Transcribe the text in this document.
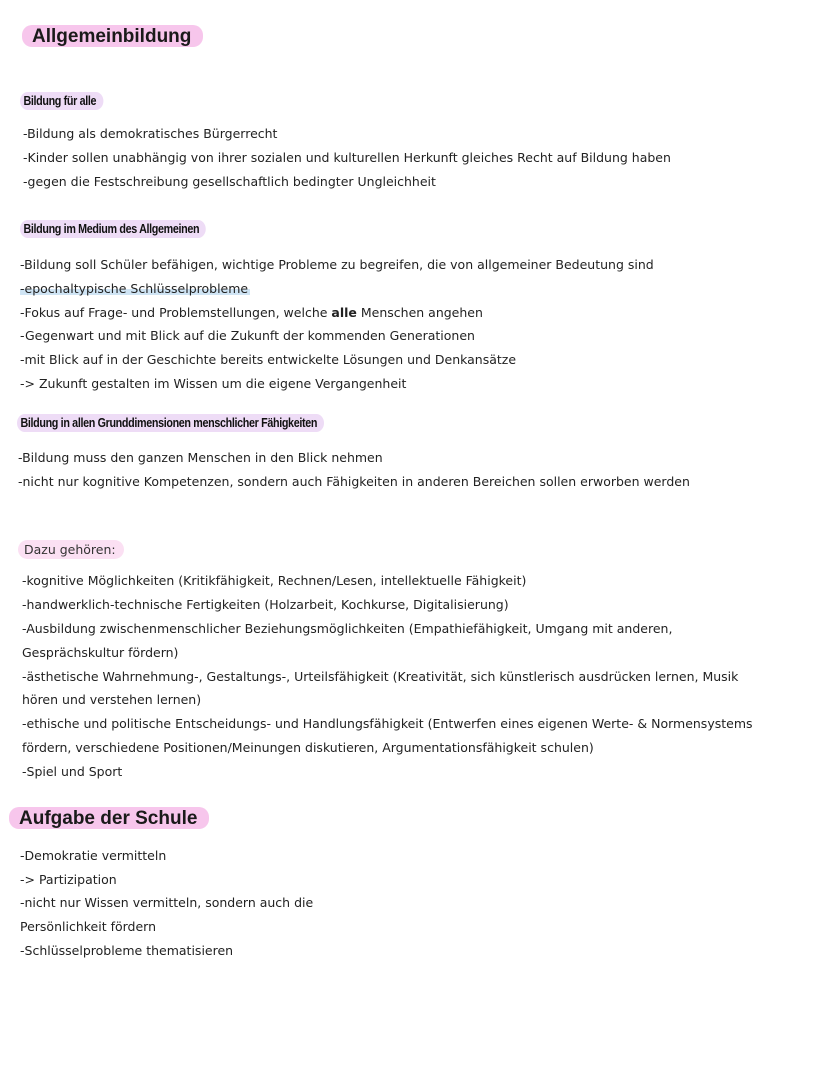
Allgemeinbildung
Bildung für alle
-Bildung als demokratisches Bürgerrecht
-Kinder sollen unabhängig von ihrer sozialen und kulturellen Herkunft gleiches Recht auf Bildung haben
-gegen die Festschreibung gesellschaftlich bedingter Ungleichheit
Bildung im Medium des Allgemeinen
-Bildung soll Schüler befähigen, wichtige Probleme zu begreifen, die von allgemeiner Bedeutung sind
-epochaltypische Schlüsselprobleme
-Fokus auf Frage- und Problemstellungen, welche alle Menschen angehen
-Gegenwart und mit Blick auf die Zukunft der kommenden Generationen
-mit Blick auf in der Geschichte bereits entwickelte Lösungen und Denkansätze
-> Zukunft gestalten im Wissen um die eigene Vergangenheit
Bildung in allen Grunddimensionen menschlicher Fähigkeiten
-Bildung muss den ganzen Menschen in den Blick nehmen
-nicht nur kognitive Kompetenzen, sondern auch Fähigkeiten in anderen Bereichen sollen erworben werden
Dazu gehören:
-kognitive Möglichkeiten (Kritikfähigkeit, Rechnen/Lesen, intellektuelle Fähigkeit)
-handwerklich-technische Fertigkeiten (Holzarbeit, Kochkurse, Digitalisierung)
-Ausbildung zwischenmenschlicher Beziehungsmöglichkeiten (Empathiefähigkeit, Umgang mit anderen,
Gesprächskultur fördern)
-ästhetische Wahrnehmung-, Gestaltungs-, Urteilsfähigkeit (Kreativität, sich künstlerisch ausdrücken lernen, Musik
hören und verstehen lernen)
-ethische und politische Entscheidungs- und Handlungsfähigkeit (Entwerfen eines eigenen Werte- & Normensystems
fördern, verschiedene Positionen/Meinungen diskutieren, Argumentationsfähigkeit schulen)
-Spiel und Sport
Aufgabe der Schule
-Demokratie vermitteln
-> Partizipation
-nicht nur Wissen vermitteln, sondern auch die
Persönlichkeit fördern
-Schlüsselprobleme thematisieren
